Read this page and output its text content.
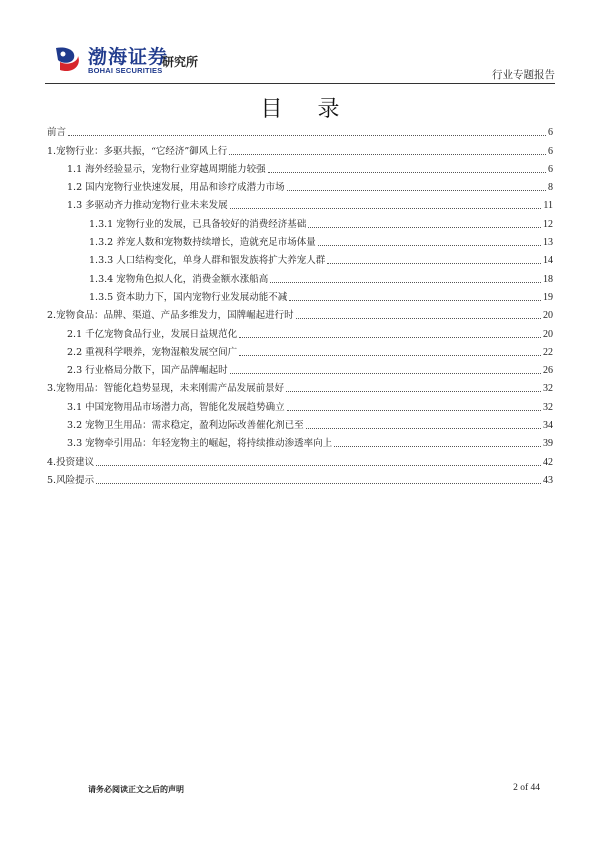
渤海证券
BOHAI SECURITIES
研究所
行业专题报告
目 录
前言	6
1.宠物行业：多驱共振，“它经济”御风上行	6
1.1 海外经验显示，宠物行业穿越周期能力较强	6
1.2 国内宠物行业快速发展，用品和诊疗成潜力市场	8
1.3 多驱动齐力推动宠物行业未来发展	11
1.3.1 宠物行业的发展，已具备较好的消费经济基础	12
1.3.2 养宠人数和宠物数持续增长，造就充足市场体量	13
1.3.3 人口结构变化，单身人群和银发族将扩大养宠人群	14
1.3.4 宠物角色拟人化，消费金额水涨船高	18
1.3.5 资本助力下，国内宠物行业发展动能不减	19
2.宠物食品：品牌、渠道、产品多维发力，国牌崛起进行时	20
2.1 千亿宠物食品行业，发展日益规范化	20
2.2 重视科学喂养，宠物湿粮发展空间广	22
2.3 行业格局分散下，国产品牌崛起时	26
3.宠物用品：智能化趋势显现，未来刚需产品发展前景好	32
3.1 中国宠物用品市场潜力高，智能化发展趋势确立	32
3.2 宠物卫生用品：需求稳定，盈利边际改善催化剂已至	34
3.3 宠物牵引用品：年轻宠物主的崛起，将持续推动渗透率向上	39
4.投资建议	42
5.风险提示	43
请务必阅读正文之后的声明	2 of 44
